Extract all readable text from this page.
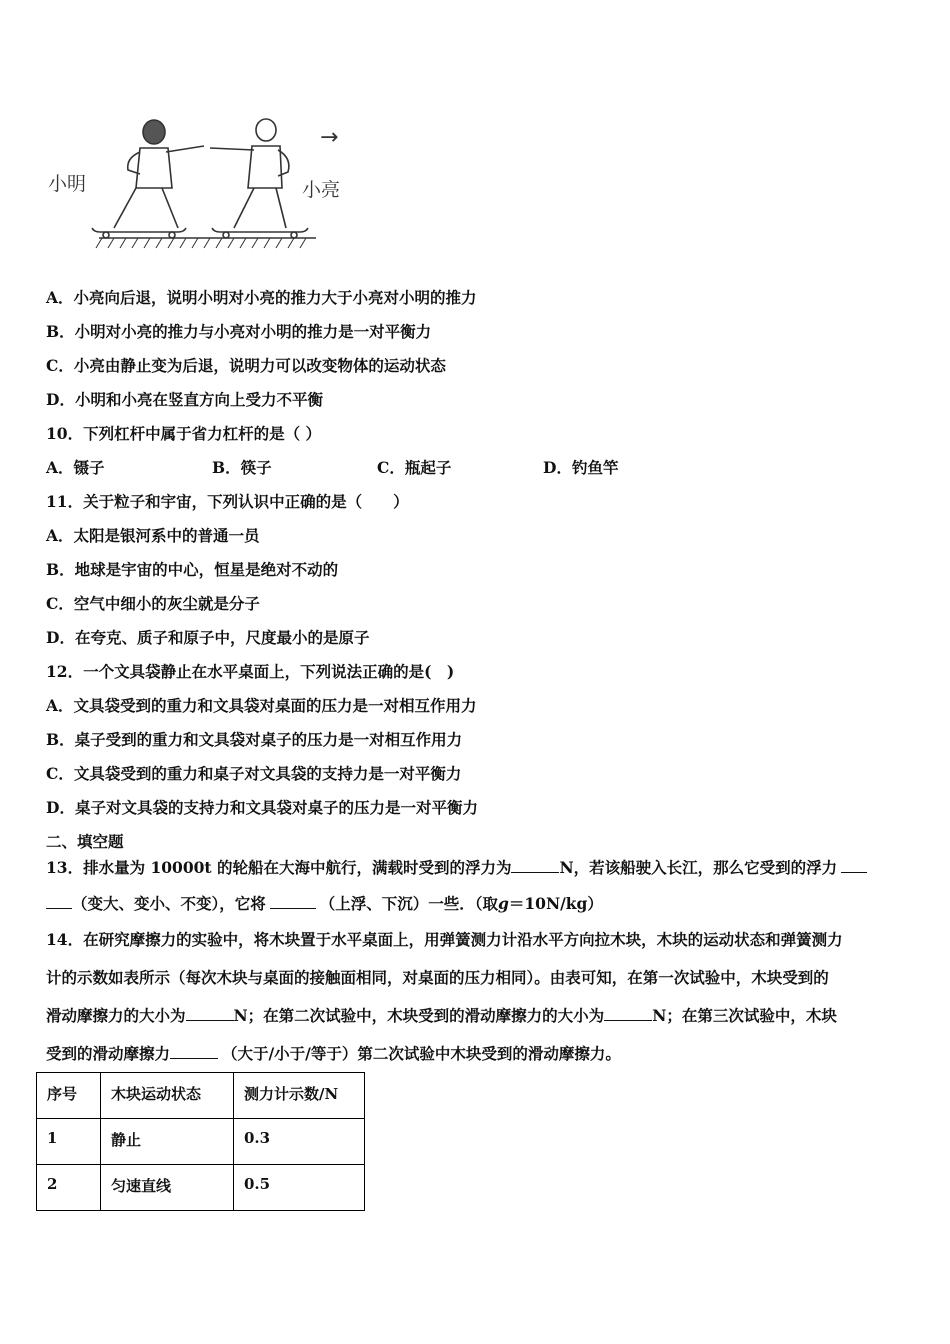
小明	小亮
→
A．小亮向后退，说明小明对小亮的推力大于小亮对小明的推力
B．小明对小亮的推力与小亮对小明的推力是一对平衡力
C．小亮由静止变为后退，说明力可以改变物体的运动状态
D．小明和小亮在竖直方向上受力不平衡
10．下列杠杆中属于省力杠杆的是（ ）
A．镊子	B．筷子	C．瓶起子	D．钓鱼竿
11．关于粒子和宇宙，下列认识中正确的是（　　）
A．太阳是银河系中的普通一员
B．地球是宇宙的中心，恒星是绝对不动的
C．空气中细小的灰尘就是分子
D．在夸克、质子和原子中，尺度最小的是原子
12．一个文具袋静止在水平桌面上，下列说法正确的是(　)
A．文具袋受到的重力和文具袋对桌面的压力是一对相互作用力
B．桌子受到的重力和文具袋对桌子的压力是一对相互作用力
C．文具袋受到的重力和桌子对文具袋的支持力是一对平衡力
D．桌子对文具袋的支持力和文具袋对桌子的压力是一对平衡力
二、填空题
13．排水量为 10000t 的轮船在大海中航行，满载时受到的浮力为	N，若该船驶入长江，那么它受到的浮力
（变大、变小、不变），它将	（上浮、下沉）一些．（取g＝10N/kg）
14．在研究摩擦力的实验中，将木块置于水平桌面上，用弹簧测力计沿水平方向拉木块，木块的运动状态和弹簧测力
计的示数如表所示（每次木块与桌面的接触面相同，对桌面的压力相同）。由表可知，在第一次试验中，木块受到的
滑动摩擦力的大小为	N；在第二次试验中，木块受到的滑动摩擦力的大小为	N；在第三次试验中，木块
受到的滑动摩擦力	（大于/小于/等于）第二次试验中木块受到的滑动摩擦力。
序号	木块运动状态	测力计示数/N
1	静止	0.3
2	匀速直线	0.5
